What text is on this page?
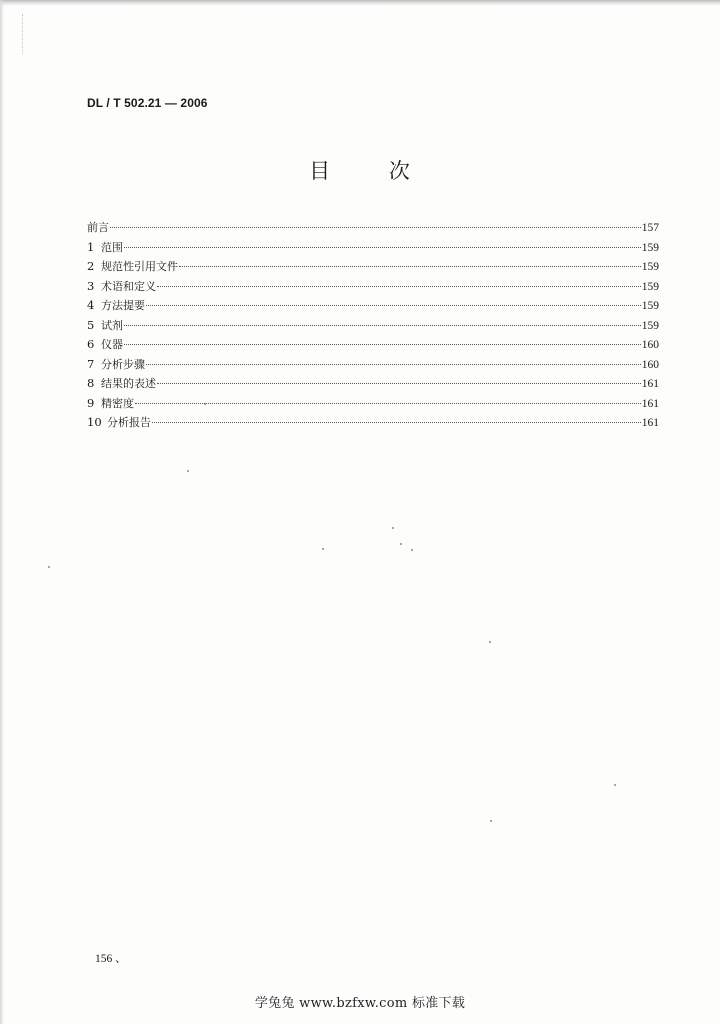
DL / T 502.21 — 2006
目 次
前言	157
1 范围	159
2 规范性引用文件	159
3 术语和定义	159
4 方法提要	159
5 试剂	159
6 仪器	160
7 分析步骤	160
8 结果的表述	161
9 精密度	161
10 分析报告	161
156 、
学兔兔 www.bzfxw.com 标准下载
